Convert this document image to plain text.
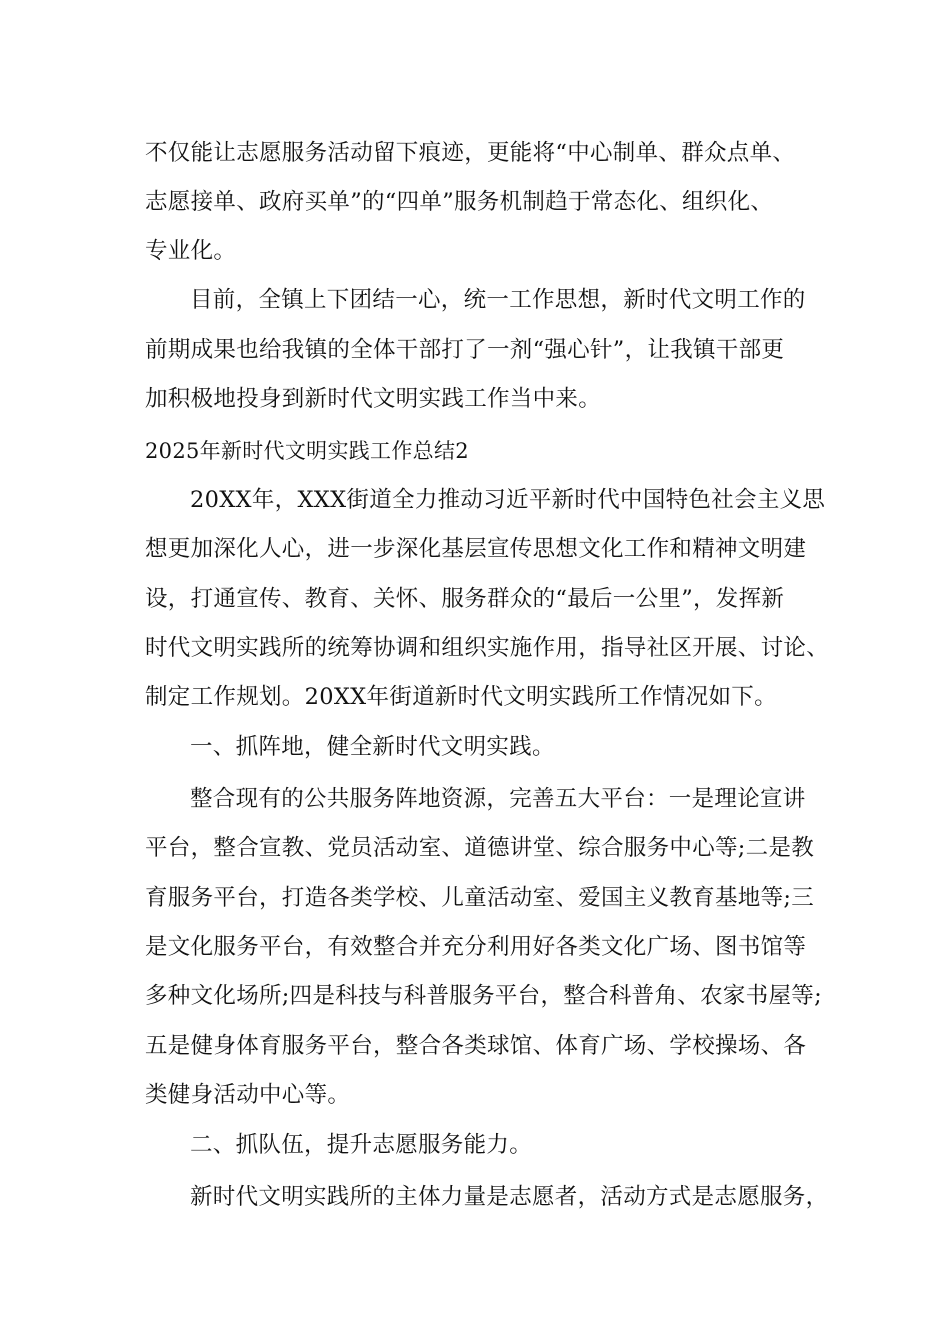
不仅能让志愿服务活动留下痕迹，更能将“中心制单、群众点单、
志愿接单、政府买单”的“四单”服务机制趋于常态化、组织化、
专业化。
目前，全镇上下团结一心，统一工作思想，新时代文明工作的
前期成果也给我镇的全体干部打了一剂“强心针”，让我镇干部更
加积极地投身到新时代文明实践工作当中来。
2025年新时代文明实践工作总结2
20XX年，XXX街道全力推动习近平新时代中国特色社会主义思
想更加深化人心，进一步深化基层宣传思想文化工作和精神文明建
设，打通宣传、教育、关怀、服务群众的“最后一公里”，发挥新
时代文明实践所的统筹协调和组织实施作用，指导社区开展、讨论、
制定工作规划。20XX年街道新时代文明实践所工作情况如下。
一、抓阵地，健全新时代文明实践。
整合现有的公共服务阵地资源，完善五大平台：一是理论宣讲
平台，整合宣教、党员活动室、道德讲堂、综合服务中心等;二是教
育服务平台，打造各类学校、儿童活动室、爱国主义教育基地等;三
是文化服务平台，有效整合并充分利用好各类文化广场、图书馆等
多种文化场所;四是科技与科普服务平台，整合科普角、农家书屋等;
五是健身体育服务平台，整合各类球馆、体育广场、学校操场、各
类健身活动中心等。
二、抓队伍，提升志愿服务能力。
新时代文明实践所的主体力量是志愿者，活动方式是志愿服务，
